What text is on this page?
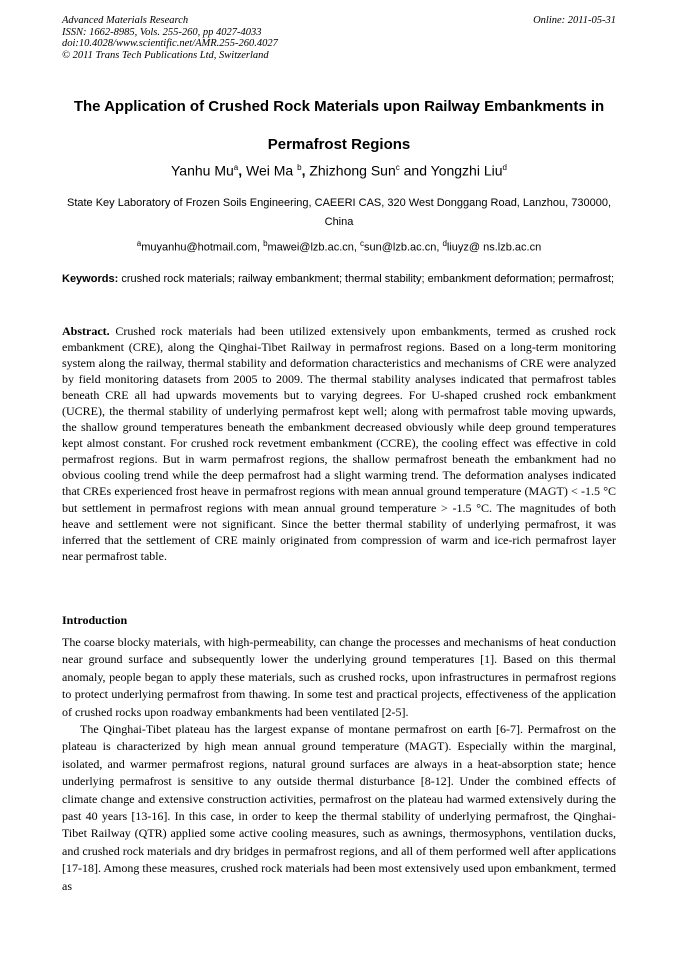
Advanced Materials Research
ISSN: 1662-8985, Vols. 255-260, pp 4027-4033
doi:10.4028/www.scientific.net/AMR.255-260.4027
© 2011 Trans Tech Publications Ltd, Switzerland
Online: 2011-05-31
The Application of Crushed Rock Materials upon Railway Embankments in Permafrost Regions
Yanhu Mu$^a$, Wei Ma $^b$, Zhizhong Sun$^c$ and Yongzhi Liu$^d$
State Key Laboratory of Frozen Soils Engineering, CAEERI CAS, 320 West Donggang Road, Lanzhou, 730000, China
$^a$muyanhu@hotmail.com, $^b$mawei@lzb.ac.cn, $^c$sun@lzb.ac.cn, $^d$liuyz@ ns.lzb.ac.cn
Keywords: crushed rock materials; railway embankment; thermal stability; embankment deformation; permafrost;
Abstract. Crushed rock materials had been utilized extensively upon embankments, termed as crushed rock embankment (CRE), along the Qinghai-Tibet Railway in permafrost regions. Based on a long-term monitoring system along the railway, thermal stability and deformation characteristics and mechanisms of CRE were analyzed by field monitoring datasets from 2005 to 2009. The thermal stability analyses indicated that permafrost tables beneath CRE all had upwards movements but to varying degrees. For U-shaped crushed rock embankment (UCRE), the thermal stability of underlying permafrost kept well; along with permafrost table moving upwards, the shallow ground temperatures beneath the embankment decreased obviously while deep ground temperatures kept almost constant. For crushed rock revetment embankment (CCRE), the cooling effect was effective in cold permafrost regions. But in warm permafrost regions, the shallow permafrost beneath the embankment had no obvious cooling trend while the deep permafrost had a slight warming trend. The deformation analyses indicated that CREs experienced frost heave in permafrost regions with mean annual ground temperature (MAGT) < -1.5 °C but settlement in permafrost regions with mean annual ground temperature > -1.5 °C. The magnitudes of both heave and settlement were not significant. Since the better thermal stability of underlying permafrost, it was inferred that the settlement of CRE mainly originated from compression of warm and ice-rich permafrost layer near permafrost table.
Introduction

The coarse blocky materials, with high-permeability, can change the processes and mechanisms of heat conduction near ground surface and subsequently lower the underlying ground temperatures [1]. Based on this thermal anomaly, people began to apply these materials, such as crushed rocks, upon infrastructures in permafrost regions to protect underlying permafrost from thawing. In some test and practical projects, effectiveness of the application of crushed rocks upon roadway embankments had been ventilated [2-5].

The Qinghai-Tibet plateau has the largest expanse of montane permafrost on earth [6-7]. Permafrost on the plateau is characterized by high mean annual ground temperature (MAGT). Especially within the marginal, isolated, and warmer permafrost regions, natural ground surfaces are always in a heat-absorption state; hence underlying permafrost is sensitive to any outside thermal disturbance [8-12]. Under the combined effects of climate change and extensive construction activities, permafrost on the plateau had warmed extensively during the past 40 years [13-16]. In this case, in order to keep the thermal stability of underlying permafrost, the Qinghai-Tibet Railway (QTR) applied some active cooling measures, such as awnings, thermosyphons, ventilation ducks, and crushed rock materials and dry bridges in permafrost regions, and all of them performed well after applications [17-18]. Among these measures, crushed rock materials had been most extensively used upon embankment, termed as
